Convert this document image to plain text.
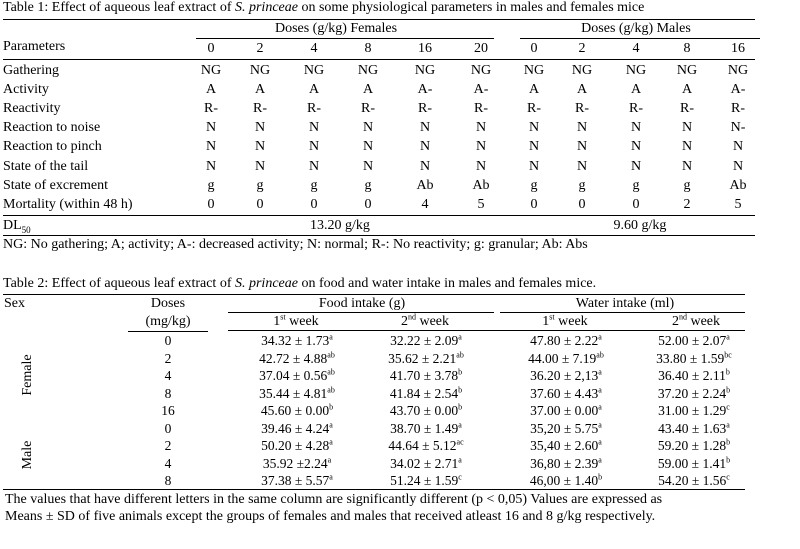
Table 1: Effect of aqueous leaf extract of S. princeae on some physiological parameters in males and females mice
Parameters
Doses (g/kg) Females	Doses (g/kg) Males
0	2	4	8	16	20	0	2	4	8	16
Gathering	NG	NG	NG	NG	NG	NG	NG	NG	NG	NG	NG
Activity	A	A	A	A	A-	A-	A	A	A	A	A-
Reactivity	R-	R-	R-	R-	R-	R-	R-	R-	R-	R-	R-
Reaction to noise	N	N	N	N	N	N	N	N	N	N	N-
Reaction to pinch	N	N	N	N	N	N	N	N	N	N	N
State of the tail	N	N	N	N	N	N	N	N	N	N	N
State of excrement	g	g	g	g	Ab	Ab	g	g	g	g	Ab
Mortality (within 48 h)	0	0	0	0	4	5	0	0	0	2	5
$DL_{50}$	13.20 g/kg	9.60 g/kg
NG: No gathering; A; activity; A-: decreased activity; N: normal; R-: No reactivity; g: granular; Ab: Abs
Table 2: Effect of aqueous leaf extract of S. princeae on food and water intake in males and females mice.
Sex	Doses
(mg/kg)
Food intake (g)	Water intake (ml)
1st week	2nd week	1st week	2nd week
Female
Male
0	34.32 ± 1.73$^a$	32.22 ± 2.09$^a$	47.80 ± 2.22$^a$	52.00 ± 2.07$^a$
2	42.72 ± 4.88$^{ab}$	35.62 ± 2.21$^{ab}$	44.00 ± 7.19$^{ab}$	33.80 ± 1.59$^{bc}$
4	37.04 ± 0.56$^{ab}$	41.70 ± 3.78$^b$	36.20 ± 2,13$^a$	36.40 ± 2.11$^b$
8	35.44 ± 4.81$^{ab}$	41.84 ± 2.54$^b$	37.60 ± 4.43$^a$	37.20 ± 2.24$^b$
16	45.60 ± 0.00$^b$	43.70 ± 0.00$^b$	37.00 ± 0.00$^a$	31.00 ± 1.29$^c$
0	39.46 ± 4.24$^a$	38.70 ± 1.49$^a$	35,20 ± 5.75$^a$	43.40 ± 1.63$^a$
2	50.20 ± 4.28$^a$	44.64 ± 5.12$^{ac}$	35,40 ± 2.60$^a$	59.20 ± 1.28$^b$
4	35.92 ±2.24$^a$	34.02 ± 2.71$^a$	36,80 ± 2.39$^a$	59.00 ± 1.41$^b$
8	37.38 ± 5.57$^a$	51.24 ± 1.59$^c$	46,00 ± 1.40$^b$	54.20 ± 1.56$^c$
The values that have different letters in the same column are significantly different (p < 0,05) Values are expressed as
Means ± SD of five animals except the groups of females and males that received atleast 16 and 8 g/kg respectively.
